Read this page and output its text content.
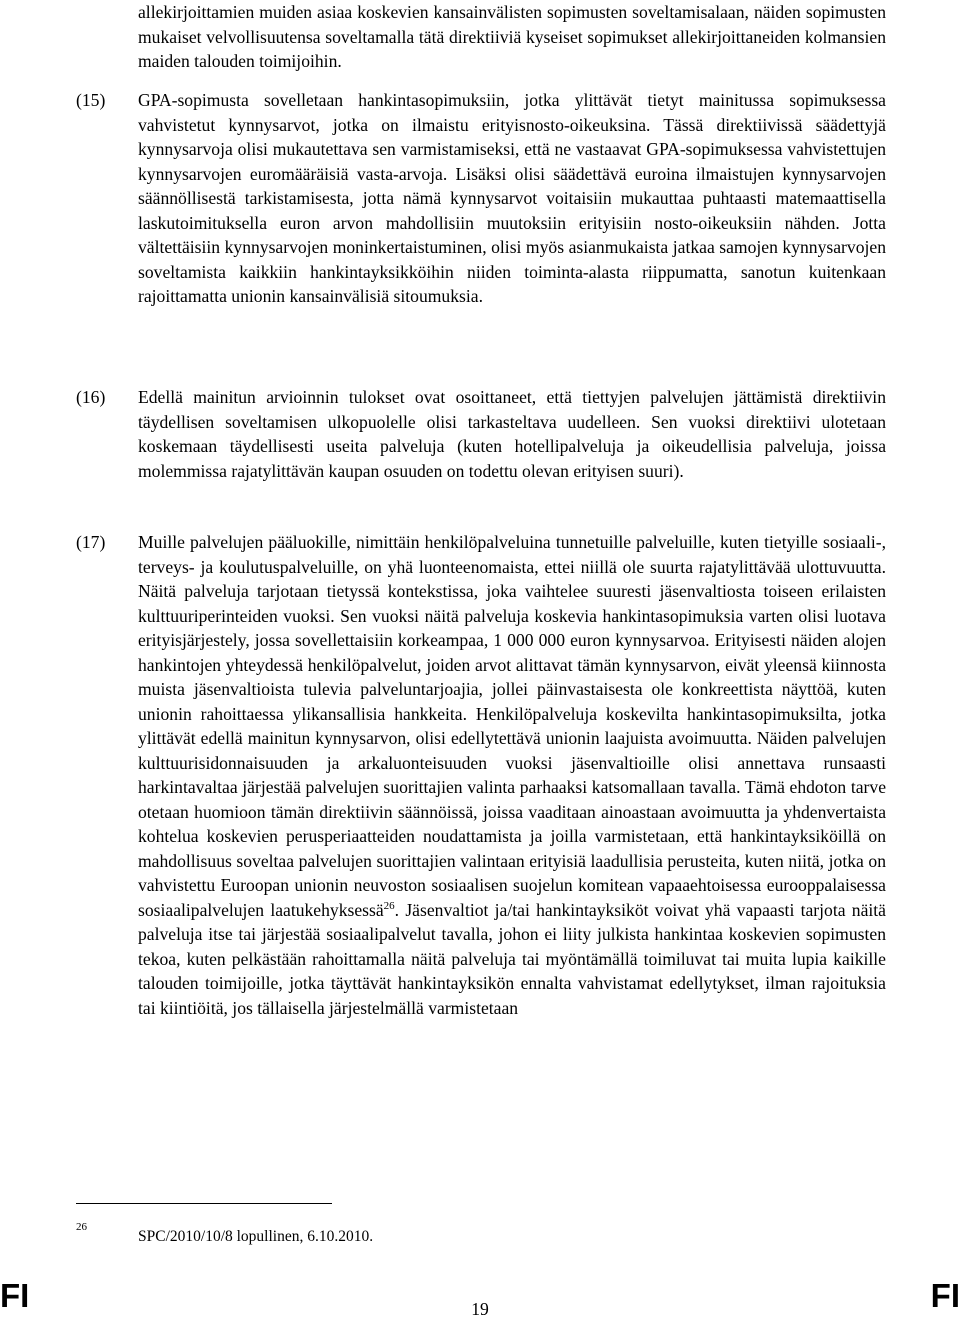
allekirjoittamien muiden asiaa koskevien kansainvälisten sopimusten soveltamisalaan, näiden sopimusten mukaiset velvollisuutensa soveltamalla tätä direktiiviä kyseiset sopimukset allekirjoittaneiden kolmansien maiden talouden toimijoihin.
(15) GPA-sopimusta sovelletaan hankintasopimuksiin, jotka ylittävät tietyt mainitussa sopimuksessa vahvistetut kynnysarvot, jotka on ilmaistu erityisnosto-oikeuksina. Tässä direktiivissä säädettyjä kynnysarvoja olisi mukautettava sen varmistamiseksi, että ne vastaavat GPA-sopimuksessa vahvistettujen kynnysarvojen euromääräisiä vasta-arvoja. Lisäksi olisi säädettävä euroina ilmaistujen kynnysarvojen säännöllisestä tarkistamisesta, jotta nämä kynnysarvot voitaisiin mukauttaa puhtaasti matemaattisella laskutoimituksella euron arvon mahdollisiin muutoksiin erityisiin nosto-oikeuksiin nähden. Jotta vältettäisiin kynnysarvojen moninkertaistuminen, olisi myös asianmukaista jatkaa samojen kynnysarvojen soveltamista kaikkiin hankintayksikköihin niiden toiminta-alasta riippumatta, sanotun kuitenkaan rajoittamatta unionin kansainvälisiä sitoumuksia.
(16) Edellä mainitun arvioinnin tulokset ovat osoittaneet, että tiettyjen palvelujen jättämistä direktiivin täydellisen soveltamisen ulkopuolelle olisi tarkasteltava uudelleen. Sen vuoksi direktiivi ulotetaan koskemaan täydellisesti useita palveluja (kuten hotellipalveluja ja oikeudellisia palveluja, joissa molemmissa rajatylittävän kaupan osuuden on todettu olevan erityisen suuri).
(17) Muille palvelujen pääluokille, nimittäin henkilöpalveluina tunnetuille palveluille, kuten tietyille sosiaali-, terveys- ja koulutuspalveluille, on yhä luonteenomaista, ettei niillä ole suurta rajatylittävää ulottuvuutta. Näitä palveluja tarjotaan tietyssä kontekstissa, joka vaihtelee suuresti jäsenvaltiosta toiseen erilaisten kulttuuriperinteiden vuoksi. Sen vuoksi näitä palveluja koskevia hankintasopimuksia varten olisi luotava erityisjärjestely, jossa sovellettaisiin korkeampaa, 1 000 000 euron kynnysarvoa. Erityisesti näiden alojen hankintojen yhteydessä henkilöpalvelut, joiden arvot alittavat tämän kynnysarvon, eivät yleensä kiinnosta muista jäsenvaltioista tulevia palveluntarjoajia, jollei päinvastaisesta ole konkreettista näyttöä, kuten unionin rahoittaessa ylikansallisia hankkeita. Henkilöpalveluja koskevilta hankintasopimuksilta, jotka ylittävät edellä mainitun kynnysarvon, olisi edellytettävä unionin laajuista avoimuutta. Näiden palvelujen kulttuurisidonnaisuuden ja arkaluonteisuuden vuoksi jäsenvaltioille olisi annettava runsaasti harkintavaltaa järjestää palvelujen suorittajien valinta parhaaksi katsomallaan tavalla. Tämä ehdoton tarve otetaan huomioon tämän direktiivin säännöissä, joissa vaaditaan ainoastaan avoimuutta ja yhdenvertaista kohtelua koskevien perusperiaatteiden noudattamista ja joilla varmistetaan, että hankintayksiköillä on mahdollisuus soveltaa palvelujen suorittajien valintaan erityisiä laadullisia perusteita, kuten niitä, jotka on vahvistettu Euroopan unionin neuvoston sosiaalisen suojelun komitean vapaaehtoisessa eurooppalaisessa sosiaalipalvelujen laatukehyksessä$^{26}$. Jäsenvaltiot ja/tai hankintayksiköt voivat yhä vapaasti tarjota näitä palveluja itse tai järjestää sosiaalipalvelut tavalla, johon ei liity julkista hankintaa koskevien sopimusten tekoa, kuten pelkästään rahoittamalla näitä palveluja tai myöntämällä toimiluvat tai muita lupia kaikille talouden toimijoille, jotka täyttävät hankintayksikön ennalta vahvistamat edellytykset, ilman rajoituksia tai kiintiöitä, jos tällaisella järjestelmällä varmistetaan
26
SPC/2010/10/8 lopullinen, 6.10.2010.
FI	19	FI
